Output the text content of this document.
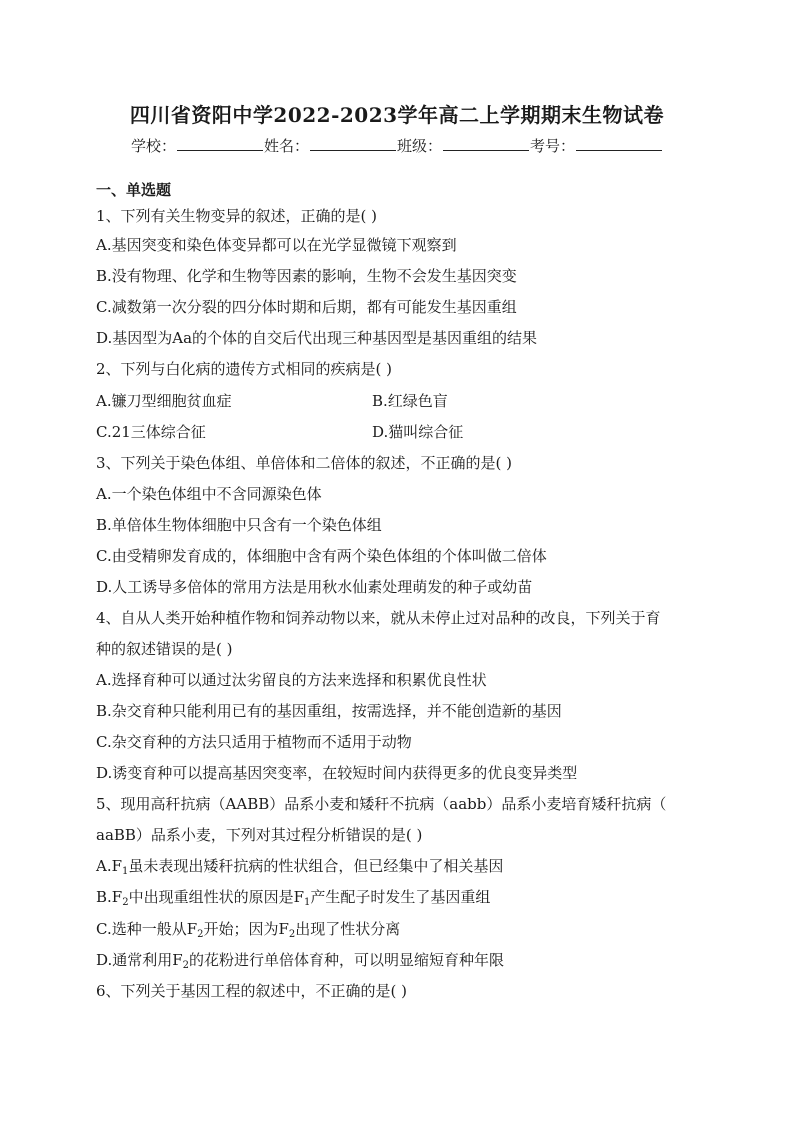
四川省资阳中学2022-2023学年高二上学期期末生物试卷
学校：	姓名：	班级：	考号：
一、单选题
1、下列有关生物变异的叙述，正确的是( )
A.基因突变和染色体变异都可以在光学显微镜下观察到
B.没有物理、化学和生物等因素的影响，生物不会发生基因突变
C.减数第一次分裂的四分体时期和后期，都有可能发生基因重组
D.基因型为Aa的个体的自交后代出现三种基因型是基因重组的结果
2、下列与白化病的遗传方式相同的疾病是( )
A.镰刀型细胞贫血症	B.红绿色盲
C.21三体综合征	D.猫叫综合征
3、下列关于染色体组、单倍体和二倍体的叙述，不正确的是( )
A.一个染色体组中不含同源染色体
B.单倍体生物体细胞中只含有一个染色体组
C.由受精卵发育成的，体细胞中含有两个染色体组的个体叫做二倍体
D.人工诱导多倍体的常用方法是用秋水仙素处理萌发的种子或幼苗
4、自从人类开始种植作物和饲养动物以来，就从未停止过对品种的改良，下列关于育
种的叙述错误的是( )
A.选择育种可以通过汰劣留良的方法来选择和积累优良性状
B.杂交育种只能利用已有的基因重组，按需选择，并不能创造新的基因
C.杂交育种的方法只适用于植物而不适用于动物
D.诱变育种可以提高基因突变率，在较短时间内获得更多的优良变异类型
5、现用高秆抗病（AABB）品系小麦和矮秆不抗病（aabb）品系小麦培育矮秆抗病（
aaBB）品系小麦，下列对其过程分析错误的是( )
$A.F_1$虽未表现出矮秆抗病的性状组合，但已经集中了相关基因
$B.F_2$中出现重组性状的原因是$F_1$产生配子时发生了基因重组
C.选种一般从$F_2$开始；因为$F_2$出现了性状分离
D.通常利用$F_2$的花粉进行单倍体育种，可以明显缩短育种年限
6、下列关于基因工程的叙述中，不正确的是( )
